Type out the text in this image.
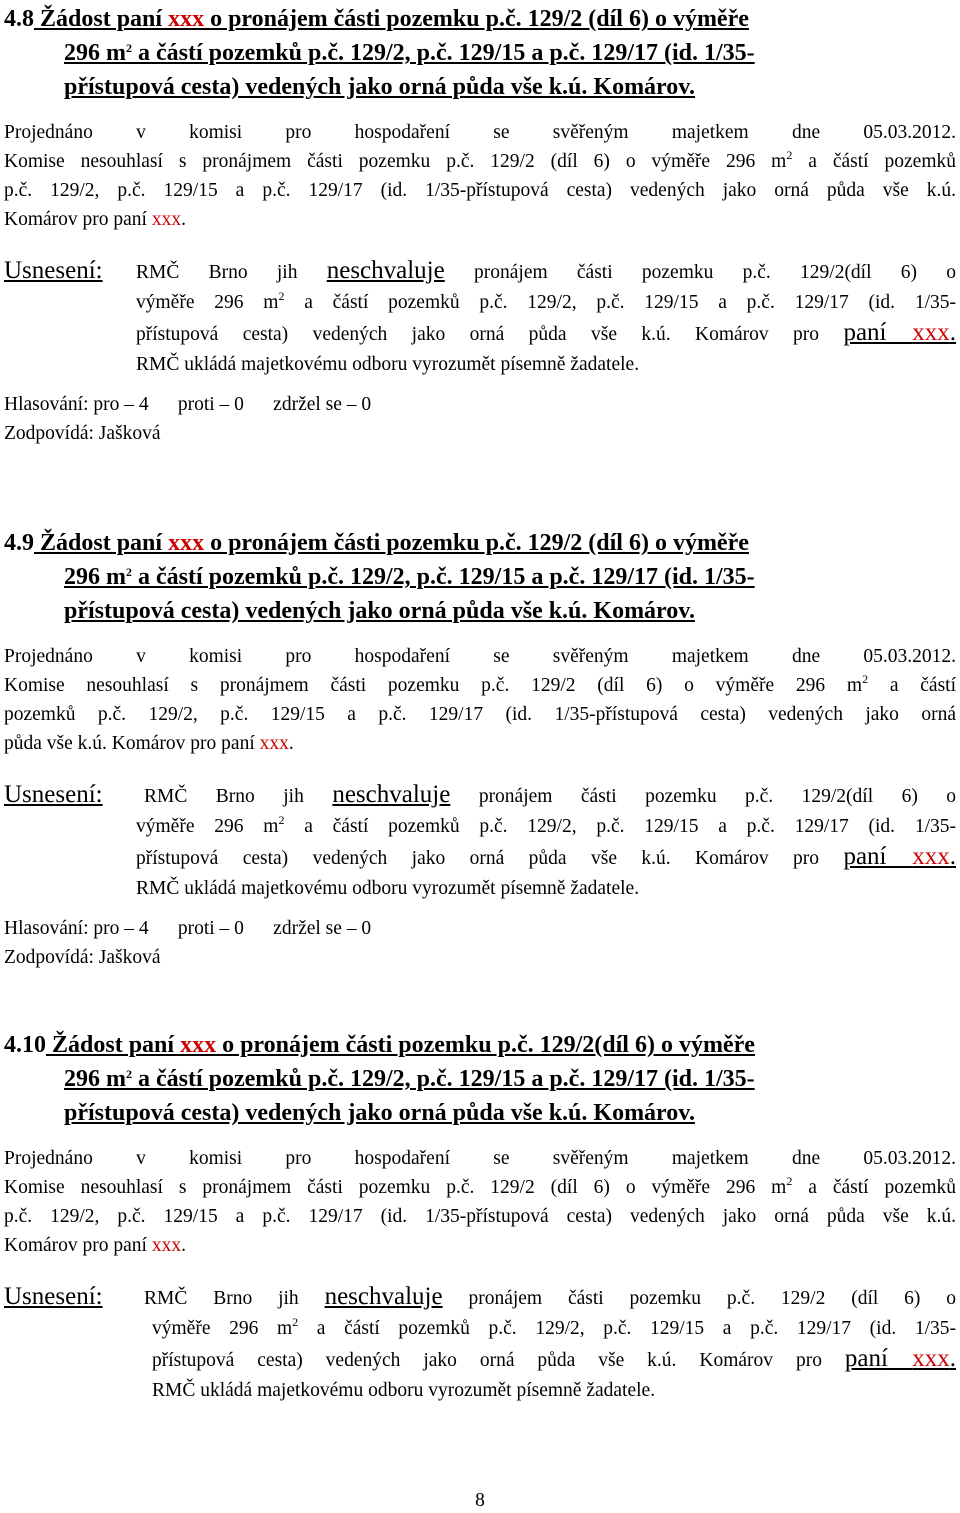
4.8 Žádost paní xxx o pronájem části pozemku p.č. 129/2 (díl 6) o výměře
296 $m^2$ a částí pozemků p.č. 129/2, p.č. 129/15 a p.č. 129/17 (id. 1/35-
přístupová cesta) vedených jako orná půda vše k.ú. Komárov.
Projednáno v komisi pro hospodaření se svěřeným majetkem dne 05.03.2012.
Komise nesouhlasí s pronájmem části pozemku p.č. 129/2 (díl 6) o výměře 296 $m^2$ a částí pozemků
p.č. 129/2, p.č. 129/15 a p.č. 129/17 (id. 1/35-přístupová cesta) vedených jako orná půda vše k.ú.
Komárov pro paní xxx.
Usnesení: RMČ Brno jih neschvaluje pronájem části pozemku p.č. 129/2(díl 6) o
výměře 296 $m^2$ a částí pozemků p.č. 129/2, p.č. 129/15 a p.č. 129/17 (id. 1/35-
přístupová cesta) vedených jako orná půda vše k.ú. Komárov pro paní xxx.
RMČ ukládá majetkovému odboru vyrozumět písemně žadatele.
Hlasování: pro – 4      proti – 0      zdržel se – 0
Zodpovídá: Jašková
4.9 Žádost paní xxx o pronájem části pozemku p.č. 129/2 (díl 6) o výměře
296 $m^2$ a částí pozemků p.č. 129/2, p.č. 129/15 a p.č. 129/17 (id. 1/35-
přístupová cesta) vedených jako orná půda vše k.ú. Komárov.
Projednáno v komisi pro hospodaření se svěřeným majetkem dne 05.03.2012.
Komise nesouhlasí s pronájmem části pozemku p.č. 129/2 (díl 6) o výměře 296 $m^2$ a částí
pozemků p.č. 129/2, p.č. 129/15 a p.č. 129/17 (id. 1/35-přístupová cesta) vedených jako orná
půda vše k.ú. Komárov pro paní xxx.
Usnesení: RMČ Brno jih neschvaluje pronájem části pozemku p.č. 129/2(díl 6) o
výměře 296 $m^2$ a částí pozemků p.č. 129/2, p.č. 129/15 a p.č. 129/17 (id. 1/35-
přístupová cesta) vedených jako orná půda vše k.ú. Komárov pro paní xxx.
RMČ ukládá majetkovému odboru vyrozumět písemně žadatele.
Hlasování: pro – 4      proti – 0      zdržel se – 0
Zodpovídá: Jašková
4.10 Žádost paní xxx o pronájem části pozemku p.č. 129/2(díl 6) o výměře
296 $m^2$ a částí pozemků p.č. 129/2, p.č. 129/15 a p.č. 129/17 (id. 1/35-
přístupová cesta) vedených jako orná půda vše k.ú. Komárov.
Projednáno v komisi pro hospodaření se svěřeným majetkem dne 05.03.2012.
Komise nesouhlasí s pronájmem části pozemku p.č. 129/2 (díl 6) o výměře 296 $m^2$ a částí pozemků
p.č. 129/2, p.č. 129/15 a p.č. 129/17 (id. 1/35-přístupová cesta) vedených jako orná půda vše k.ú.
Komárov pro paní xxx.
Usnesení: RMČ Brno jih neschvaluje pronájem části pozemku p.č. 129/2 (díl 6) o
výměře 296 $m^2$ a částí pozemků p.č. 129/2, p.č. 129/15 a p.č. 129/17 (id. 1/35-
přístupová cesta) vedených jako orná půda vše k.ú. Komárov pro paní xxx.
RMČ ukládá majetkovému odboru vyrozumět písemně žadatele.
8
